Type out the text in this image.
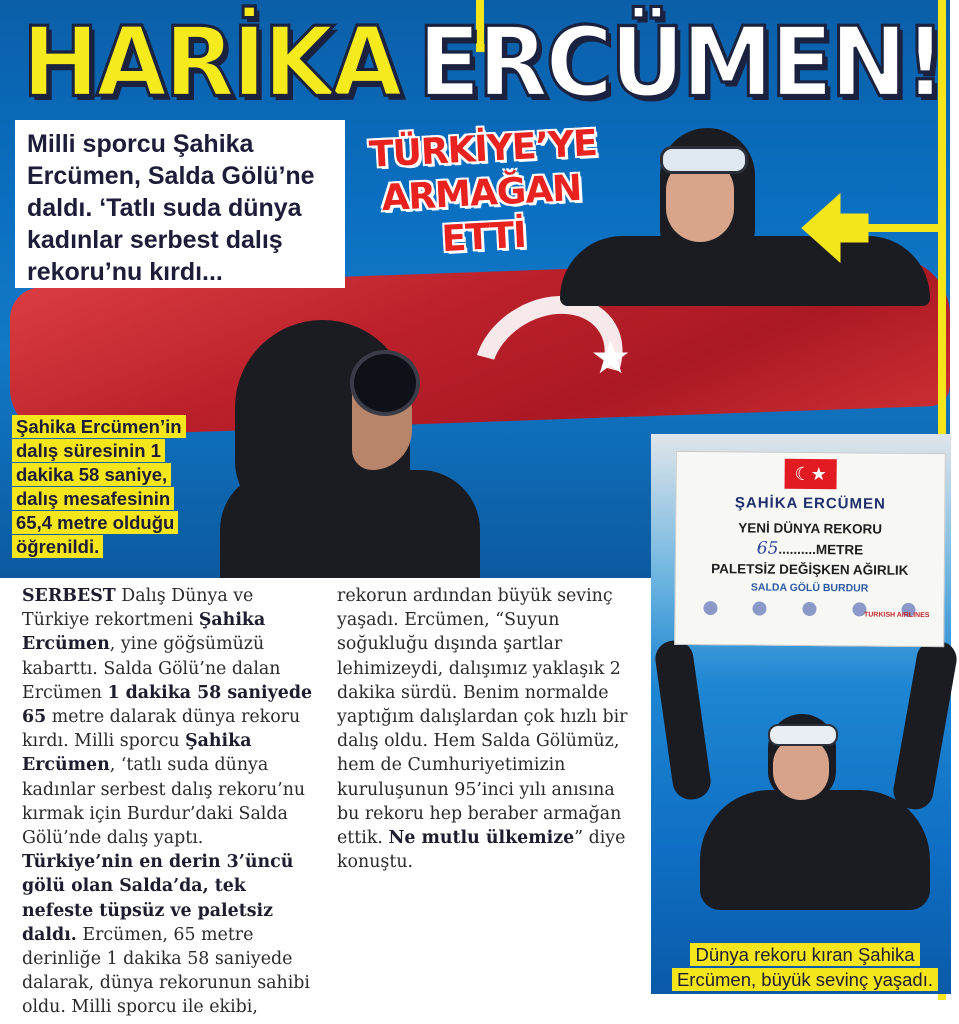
★
HARİKA ERCÜMEN!

Milli sporcu Şahika

Ercümen, Salda Gölü’ne

daldı. ‘Tatlı suda dünya

kadınlar serbest dalış

rekoru’nu kırdı...

TÜRKİYE’YE
ARMAĞAN
ETTİ
Şahika Ercümen’in
dalış süresinin 1
dakika 58 saniye,
dalış mesafesinin
65,4 metre olduğu
öğrenildi.

SERBEST Dalış Dünya ve Türkiye rekortmeni Şahika Ercümen, yine göğsümüzü kabarttı. Salda Gölü’ne dalan Ercümen 1 dakika 58 saniyede 65 metre dalarak dünya rekoru kırdı. Milli sporcu Şahika Ercümen, ‘tatlı suda dünya kadınlar serbest dalış rekoru’nu kırmak için Burdur’daki Salda Gölü’nde dalış yaptı. Türkiye’nin en derin 3’üncü gölü olan Salda’da, tek nefeste tüpsüz ve paletsiz daldı. Ercümen, 65 metre derinliğe 1 dakika 58 saniyede dalarak, dünya rekorunun sahibi oldu. Milli sporcu ile ekibi, rekorun ardından büyük sevinç yaşadı. Ercümen, “Suyun soğukluğu dışında şartlar lehimizeydi, dalışımız yaklaşık 2 dakika sürdü. Benim normalde yaptığım dalışlardan çok hızlı bir dalış oldu. Hem Salda Gölümüz, hem de Cumhuriyetimizin kuruluşunun 95’inci yılı anısına bu rekoru hep beraber armağan ettik. Ne mutlu ülkemize” diye konuştu.

☾★
ŞAHİKA ERCÜMEN
YENİ DÜNYA REKORU
65..........METRE
PALETSİZ DEĞİŞKEN AĞIRLIK
SALDA GÖLÜ BURDUR
TURKISH AIRLINES
Dünya rekoru kıran Şahika
Ercümen, büyük sevinç yaşadı.
